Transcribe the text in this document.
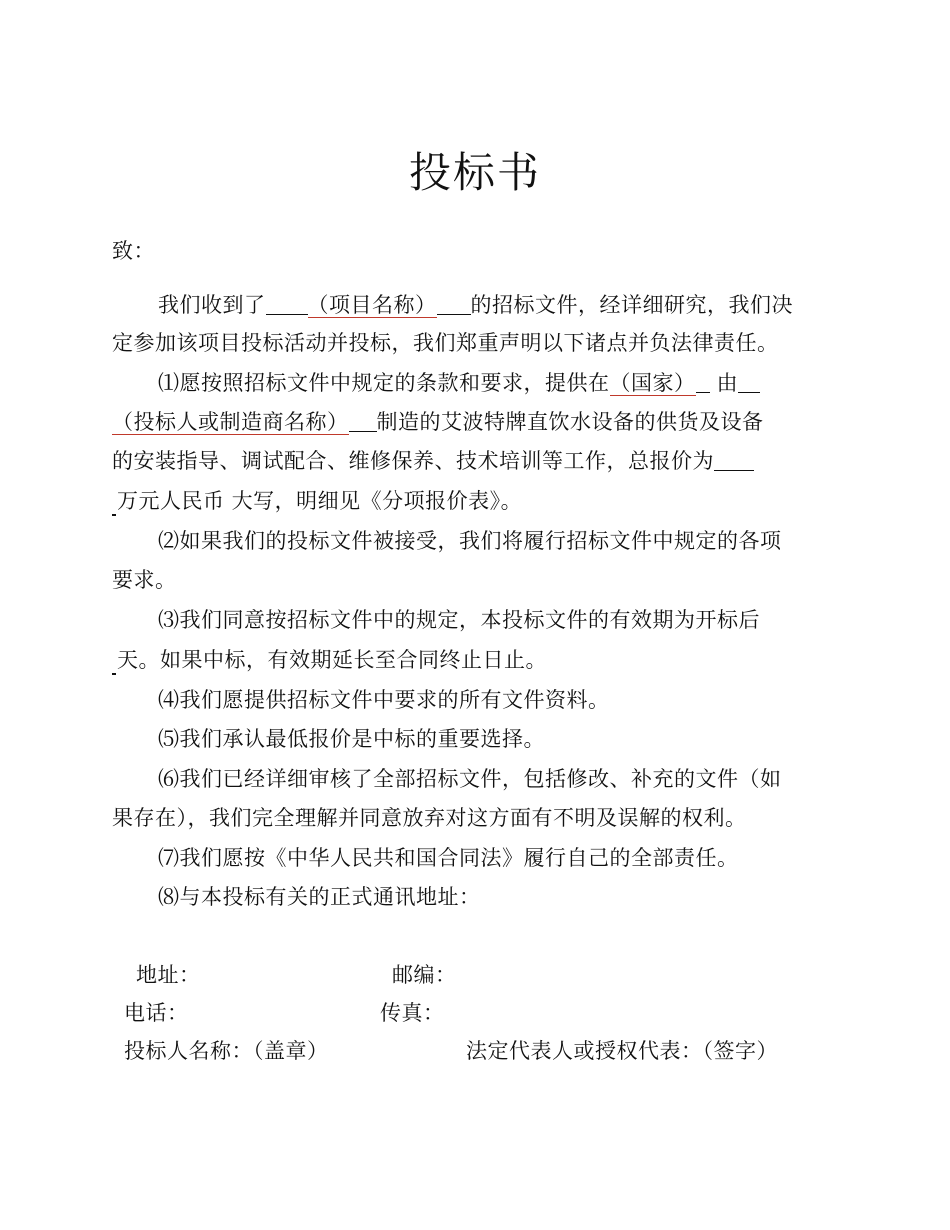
投标书
致：
我们收到了 （项目名称） 的招标文件，经详细研究，我们决
定参加该项目投标活动并投标，我们郑重声明以下诸点并负法律责任。
⑴愿按照招标文件中规定的条款和要求，提供在（国家） 由
（投标人或制造商名称） 制造的艾波特牌直饮水设备的供货及设备
的安装指导、调试配合、维修保养、技术培训等工作，总报价为
万元人民币 大写，明细见《分项报价表》。
⑵如果我们的投标文件被接受，我们将履行招标文件中规定的各项
要求。
⑶我们同意按招标文件中的规定，本投标文件的有效期为开标后
天。如果中标，有效期延长至合同终止日止。
⑷我们愿提供招标文件中要求的所有文件资料。
⑸我们承认最低报价是中标的重要选择。
⑹我们已经详细审核了全部招标文件，包括修改、补充的文件（如
果存在），我们完全理解并同意放弃对这方面有不明及误解的权利。
⑺我们愿按《中华人民共和国合同法》履行自己的全部责任。
⑻与本投标有关的正式通讯地址：
地址：	邮编：
电话：	传真：
投标人名称：（盖章）	法定代表人或授权代表：（签字）
